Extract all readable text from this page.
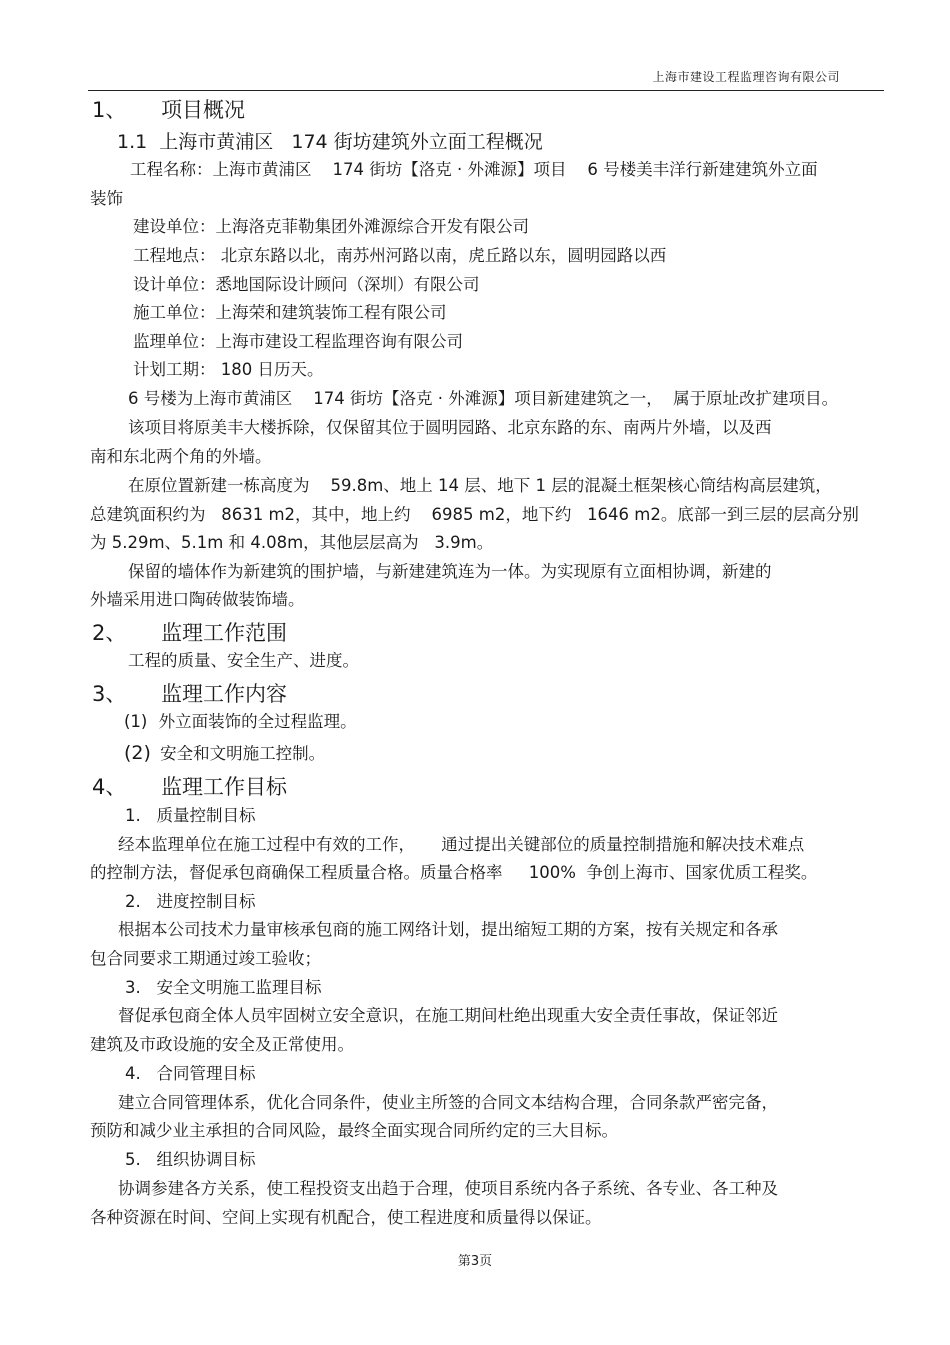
上海市建设工程监理咨询有限公司
1、 项目概况
1.1 上海市黄浦区   174 街坊建筑外立面工程概况
工程名称：上海市黄浦区    174 街坊【洛克 · 外滩源】项目    6 号楼美丰洋行新建建筑外立面
装饰
建设单位：上海洛克菲勒集团外滩源综合开发有限公司
工程地点： 北京东路以北，南苏州河路以南，虎丘路以东，圆明园路以西
设计单位：悉地国际设计顾问（深圳）有限公司
施工单位：上海荣和建筑装饰工程有限公司
监理单位：上海市建设工程监理咨询有限公司
计划工期： 180 日历天。
6 号楼为上海市黄浦区    174 街坊【洛克 · 外滩源】项目新建建筑之一，  属于原址改扩建项目。
该项目将原美丰大楼拆除，仅保留其位于圆明园路、北京东路的东、南两片外墙，以及西
南和东北两个角的外墙。
在原位置新建一栋高度为    59.8m、地上 14 层、地下 1 层的混凝土框架核心筒结构高层建筑，
总建筑面积约为   8631 m2，其中，地上约    6985 m2，地下约   1646 m2。底部一到三层的层高分别
为 5.29m、5.1m 和 4.08m，其他层层高为   3.9m。
保留的墙体作为新建筑的围护墙，与新建建筑连为一体。为实现原有立面相协调，新建的
外墙采用进口陶砖做装饰墙。
2、 监理工作范围
工程的质量、安全生产、进度。
3、 监理工作内容
(1) 外立面装饰的全过程监理。
(2) 安全和文明施工控制。
4、 监理工作目标
1.   质量控制目标
经本监理单位在施工过程中有效的工作，     通过提出关键部位的质量控制措施和解决技术难点
的控制方法，督促承包商确保工程质量合格。质量合格率     100%  争创上海市、国家优质工程奖。
2.   进度控制目标
根据本公司技术力量审核承包商的施工网络计划，提出缩短工期的方案，按有关规定和各承
包合同要求工期通过竣工验收；
3.   安全文明施工监理目标
督促承包商全体人员牢固树立安全意识，在施工期间杜绝出现重大安全责任事故，保证邻近
建筑及市政设施的安全及正常使用。
4.   合同管理目标
建立合同管理体系，优化合同条件，使业主所签的合同文本结构合理，合同条款严密完备，
预防和减少业主承担的合同风险，最终全面实现合同所约定的三大目标。
5.   组织协调目标
协调参建各方关系，使工程投资支出趋于合理，使项目系统内各子系统、各专业、各工种及
各种资源在时间、空间上实现有机配合，使工程进度和质量得以保证。
第3页
